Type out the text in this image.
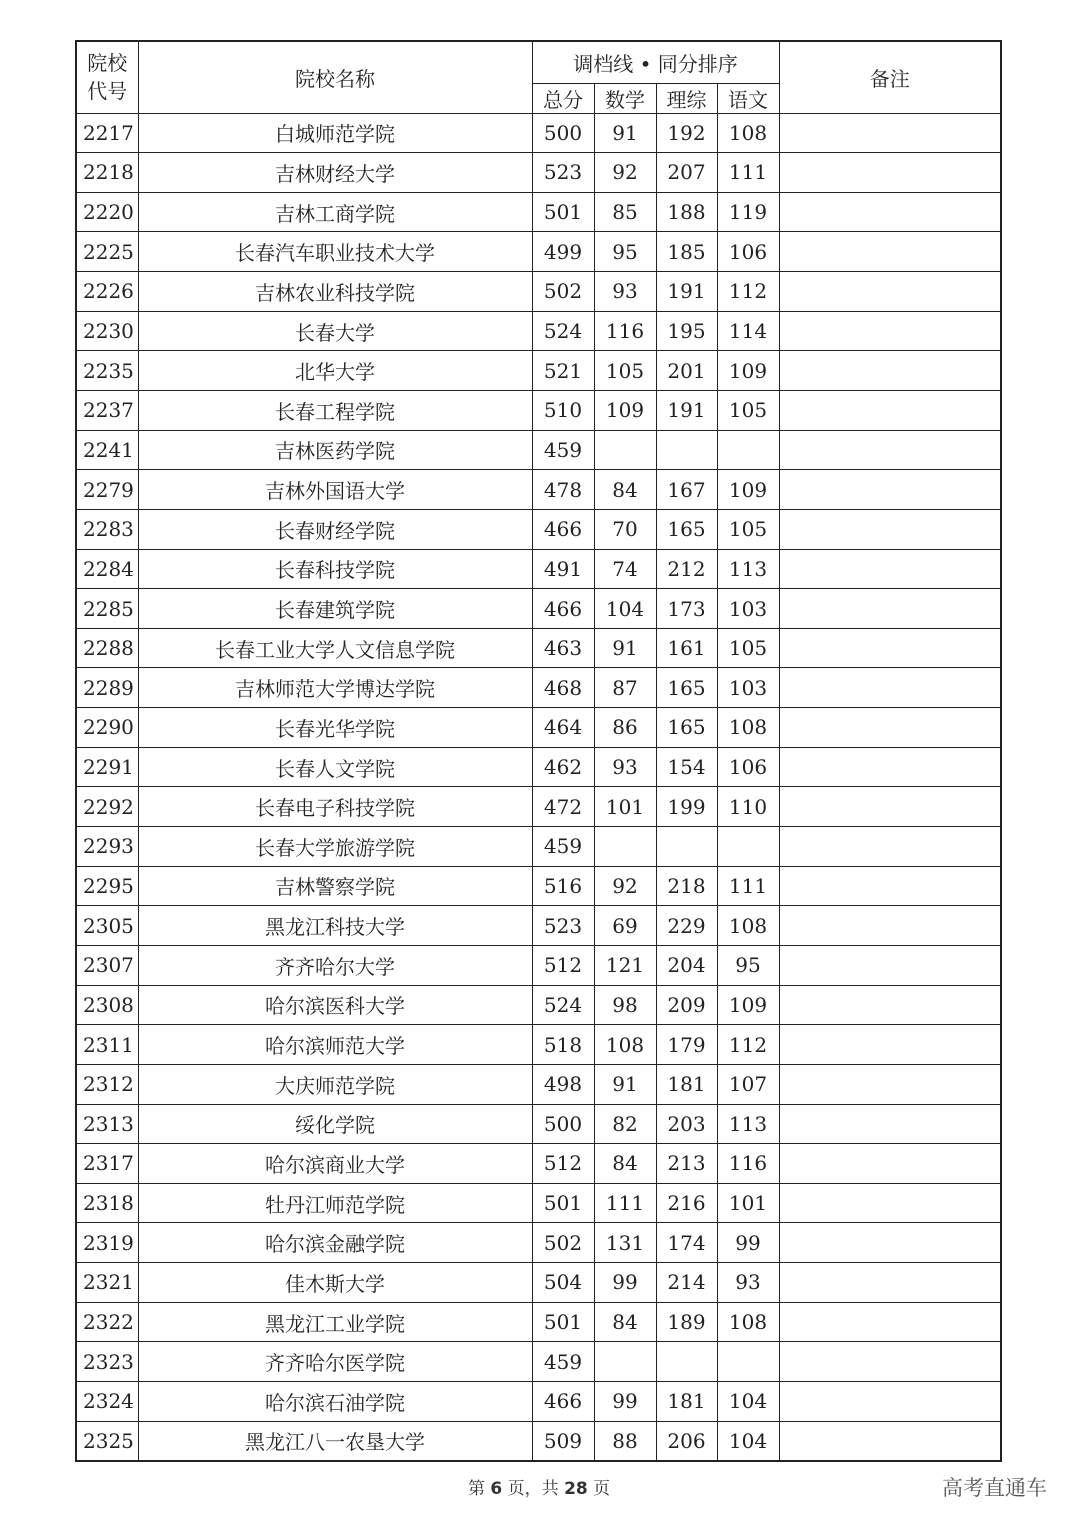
院校
代号	院校名称	调档线 • 同分排序				备注
		总分	数学	理综	语文	
2217	白城师范学院	500	91	192	108	
2218	吉林财经大学	523	92	207	111	
2220	吉林工商学院	501	85	188	119	
2225	长春汽车职业技术大学	499	95	185	106	
2226	吉林农业科技学院	502	93	191	112	
2230	长春大学	524	116	195	114	
2235	北华大学	521	105	201	109	
2237	长春工程学院	510	109	191	105	
2241	吉林医药学院	459				
2279	吉林外国语大学	478	84	167	109	
2283	长春财经学院	466	70	165	105	
2284	长春科技学院	491	74	212	113	
2285	长春建筑学院	466	104	173	103	
2288	长春工业大学人文信息学院	463	91	161	105	
2289	吉林师范大学博达学院	468	87	165	103	
2290	长春光华学院	464	86	165	108	
2291	长春人文学院	462	93	154	106	
2292	长春电子科技学院	472	101	199	110	
2293	长春大学旅游学院	459				
2295	吉林警察学院	516	92	218	111	
2305	黑龙江科技大学	523	69	229	108	
2307	齐齐哈尔大学	512	121	204	95	
2308	哈尔滨医科大学	524	98	209	109	
2311	哈尔滨师范大学	518	108	179	112	
2312	大庆师范学院	498	91	181	107	
2313	绥化学院	500	82	203	113	
2317	哈尔滨商业大学	512	84	213	116	
2318	牡丹江师范学院	501	111	216	101	
2319	哈尔滨金融学院	502	131	174	99	
2321	佳木斯大学	504	99	214	93	
2322	黑龙江工业学院	501	84	189	108	
2323	齐齐哈尔医学院	459				
2324	哈尔滨石油学院	466	99	181	104	
2325	黑龙江八一农垦大学	509	88	206	104	
第 6 页，共 28 页	高考直通车
